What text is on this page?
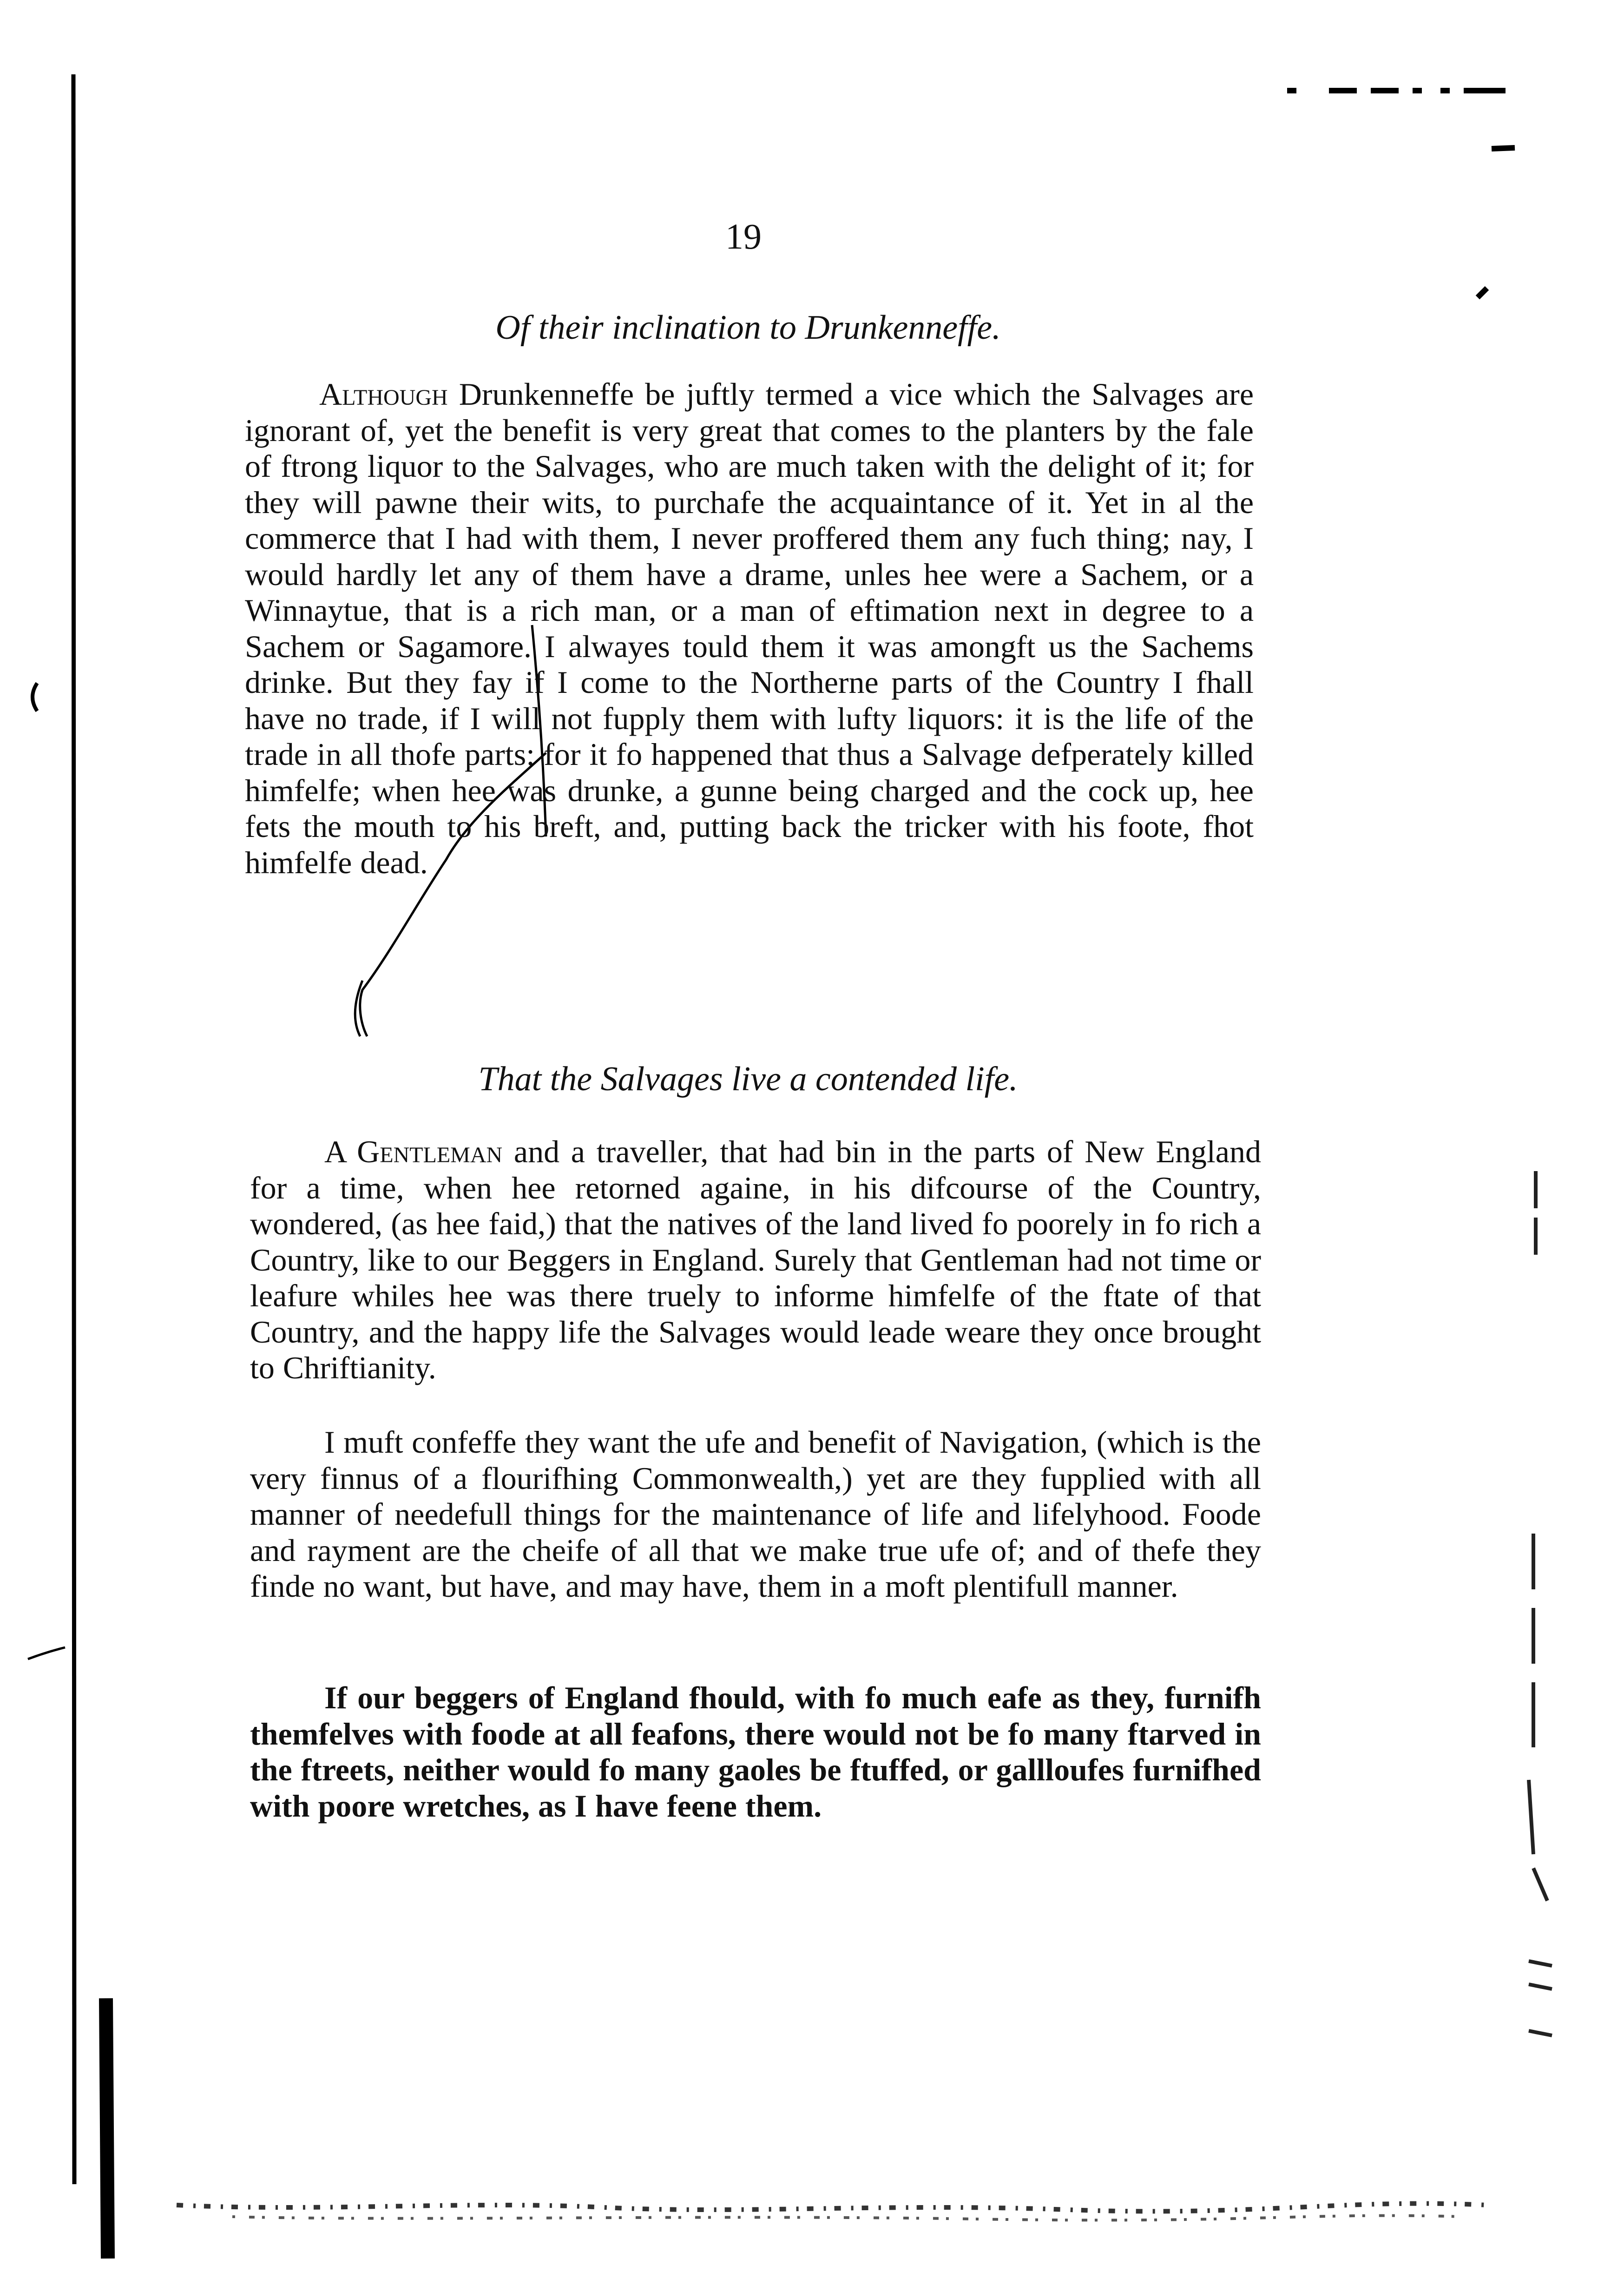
19
Of their inclination to Drunkenneffe.

Although Drunkenneffe be juftly termed a vice which the Salvages are ignorant of, yet the benefit is very great that comes to the planters by the fale of ftrong liquor to the Salvages, who are much taken with the delight of it; for they will pawne their wits, to purchafe the acquaintance of it. Yet in al the commerce that I had with them, I never proffered them any fuch thing; nay, I would hardly let any of them have a drame, unles hee were a Sachem, or a Winnaytue, that is a rich man, or a man of eftimation next in degree to a Sachem or Sagamore. I alwayes tould them it was amongft us the Sachems drinke. But they fay if I come to the Northerne parts of the Country I fhall have no trade, if I will not fupply them with lufty liquors: it is the life of the trade in all thofe parts: for it fo happened that thus a Salvage defperately killed himfelfe; when hee was drunke, a gunne being charged and the cock up, hee fets the mouth to his breft, and, putting back the tricker with his foote, fhot himfelfe dead.

That the Salvages live a contended life.

A Gentleman and a traveller, that had bin in the parts of New England for a time, when hee retorned againe, in his difcourse of the Country, wondered, (as hee faid,) that the natives of the land lived fo poorely in fo rich a Country, like to our Beggers in England. Surely that Gentleman had not time or leafure whiles hee was there truely to informe himfelfe of the ftate of that Country, and the happy life the Salvages would leade weare they once brought to Chriftianity.

I muft confeffe they want the ufe and benefit of Navigation, (which is the very finnus of a flourifhing Commonwealth,) yet are they fupplied with all manner of needefull things for the maintenance of life and lifelyhood. Foode and rayment are the cheife of all that we make true ufe of; and of thefe they finde no want, but have, and may have, them in a moft plentifull manner.

If our beggers of England fhould, with fo much eafe as they, furnifh themfelves with foode at all feafons, there would not be fo many ftarved in the ftreets, neither would fo many gaoles be ftuffed, or gallloufes furnifhed with poore wretches, as I have feene them.
